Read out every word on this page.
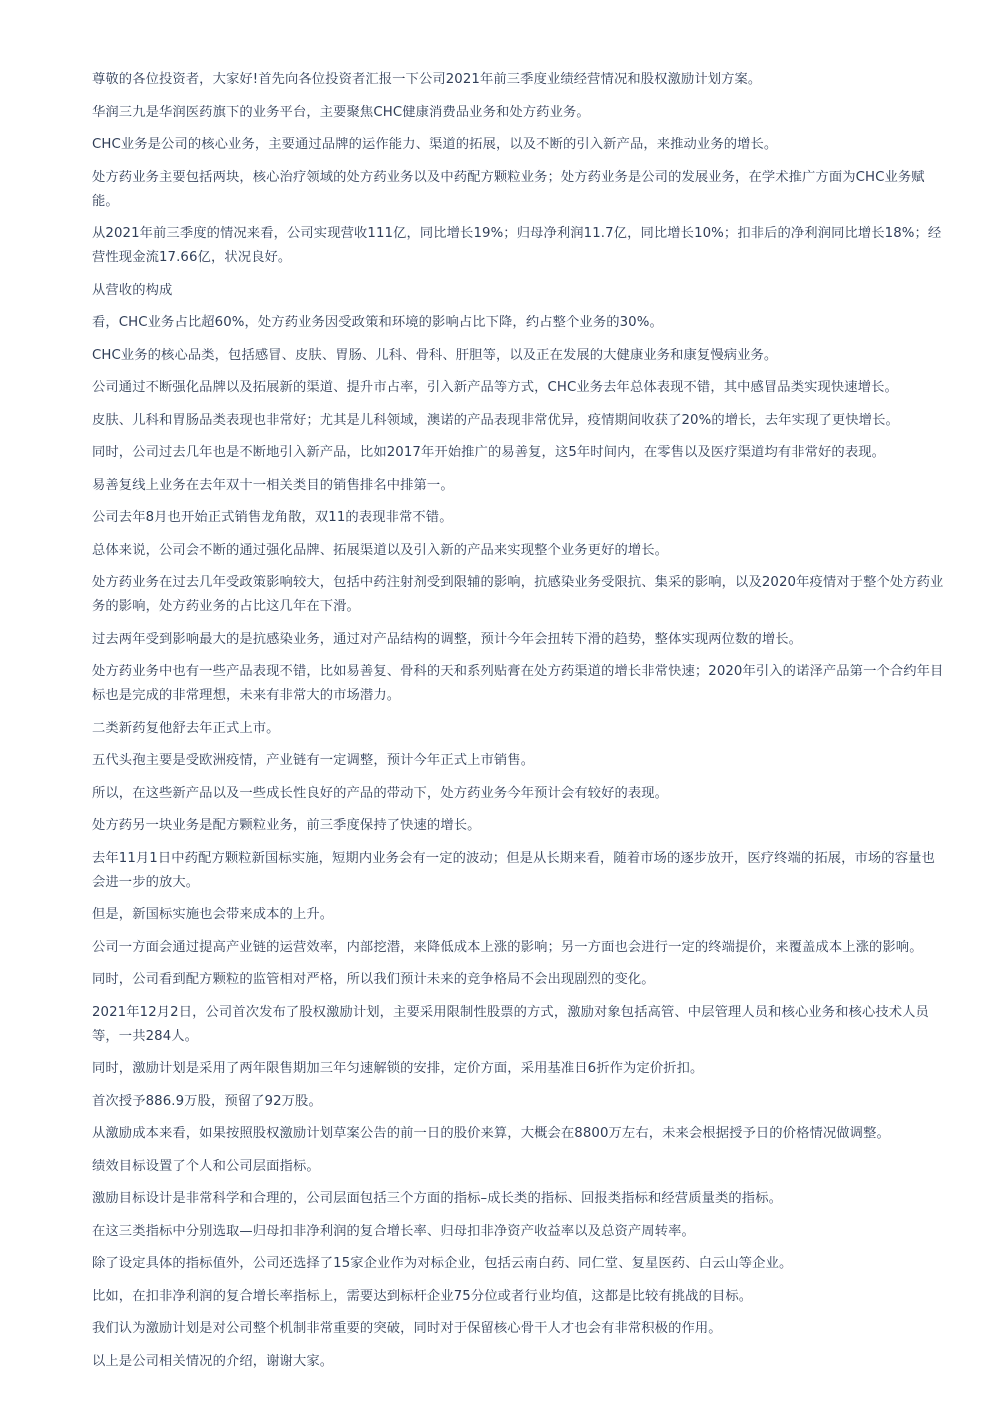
尊敬的各位投资者，大家好!首先向各位投资者汇报一下公司2021年前三季度业绩经营情况和股权激励计划方案。

华润三九是华润医药旗下的业务平台，主要聚焦CHC健康消费品业务和处方药业务。

CHC业务是公司的核心业务，主要通过品牌的运作能力、渠道的拓展，以及不断的引入新产品，来推动业务的增长。

处方药业务主要包括两块，核心治疗领域的处方药业务以及中药配方颗粒业务；处方药业务是公司的发展业务，在学术推广方面为CHC业务赋能。

从2021年前三季度的情况来看，公司实现营收111亿，同比增长19%；归母净利润11.7亿，同比增长10%；扣非后的净利润同比增长18%；经营性现金流17.66亿，状况良好。

从营收的构成

看，CHC业务占比超60%，处方药业务因受政策和环境的影响占比下降，约占整个业务的30%。

CHC业务的核心品类，包括感冒、皮肤、胃肠、儿科、骨科、肝胆等，以及正在发展的大健康业务和康复慢病业务。

公司通过不断强化品牌以及拓展新的渠道、提升市占率，引入新产品等方式，CHC业务去年总体表现不错，其中感冒品类实现快速增长。

皮肤、儿科和胃肠品类表现也非常好；尤其是儿科领域，澳诺的产品表现非常优异，疫情期间收获了20%的增长，去年实现了更快增长。

同时，公司过去几年也是不断地引入新产品，比如2017年开始推广的易善复，这5年时间内，在零售以及医疗渠道均有非常好的表现。

易善复线上业务在去年双十一相关类目的销售排名中排第一。

公司去年8月也开始正式销售龙角散，双11的表现非常不错。

总体来说，公司会不断的通过强化品牌、拓展渠道以及引入新的产品来实现整个业务更好的增长。

处方药业务在过去几年受政策影响较大，包括中药注射剂受到限辅的影响，抗感染业务受限抗、集采的影响，以及2020年疫情对于整个处方药业务的影响，处方药业务的占比这几年在下滑。

过去两年受到影响最大的是抗感染业务，通过对产品结构的调整，预计今年会扭转下滑的趋势，整体实现两位数的增长。

处方药业务中也有一些产品表现不错，比如易善复、骨科的天和系列贴膏在处方药渠道的增长非常快速；2020年引入的诺泽产品第一个合约年目标也是完成的非常理想，未来有非常大的市场潜力。

二类新药复他舒去年正式上市。

五代头孢主要是受欧洲疫情，产业链有一定调整，预计今年正式上市销售。

所以，在这些新产品以及一些成长性良好的产品的带动下，处方药业务今年预计会有较好的表现。

处方药另一块业务是配方颗粒业务，前三季度保持了快速的增长。

去年11月1日中药配方颗粒新国标实施，短期内业务会有一定的波动；但是从长期来看，随着市场的逐步放开，医疗终端的拓展，市场的容量也会进一步的放大。

但是，新国标实施也会带来成本的上升。

公司一方面会通过提高产业链的运营效率，内部挖潜，来降低成本上涨的影响；另一方面也会进行一定的终端提价，来覆盖成本上涨的影响。

同时，公司看到配方颗粒的监管相对严格，所以我们预计未来的竞争格局不会出现剧烈的变化。

2021年12月2日，公司首次发布了股权激励计划，主要采用限制性股票的方式，激励对象包括高管、中层管理人员和核心业务和核心技术人员等，一共284人。

同时，激励计划是采用了两年限售期加三年匀速解锁的安排，定价方面，采用基准日6折作为定价折扣。

首次授予886.9万股，预留了92万股。

从激励成本来看，如果按照股权激励计划草案公告的前一日的股价来算，大概会在8800万左右，未来会根据授予日的价格情况做调整。

绩效目标设置了个人和公司层面指标。

激励目标设计是非常科学和合理的，公司层面包括三个方面的指标–成长类的指标、回报类指标和经营质量类的指标。

在这三类指标中分别选取—归母扣非净利润的复合增长率、归母扣非净资产收益率以及总资产周转率。

除了设定具体的指标值外，公司还选择了15家企业作为对标企业，包括云南白药、同仁堂、复星医药、白云山等企业。

比如，在扣非净利润的复合增长率指标上，需要达到标杆企业75分位或者行业均值，这都是比较有挑战的目标。

我们认为激励计划是对公司整个机制非常重要的突破，同时对于保留核心骨干人才也会有非常积极的作用。

以上是公司相关情况的介绍，谢谢大家。
